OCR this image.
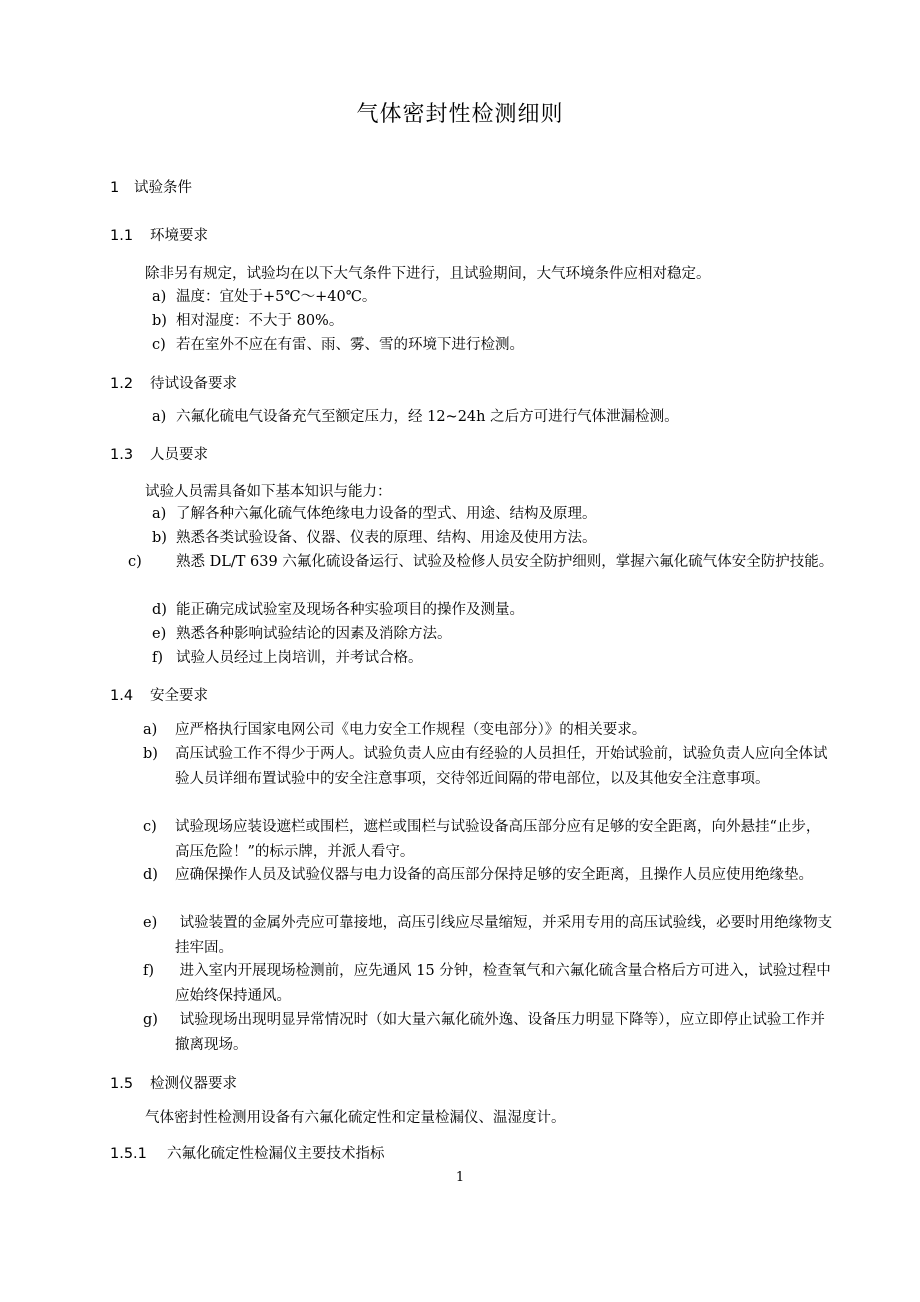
气体密封性检测细则
1 试验条件
1.1 环境要求
除非另有规定，试验均在以下大气条件下进行，且试验期间，大气环境条件应相对稳定。
a) 温度：宜处于+5℃～+40℃。
b) 相对湿度：不大于 80%。
c) 若在室外不应在有雷、雨、雾、雪的环境下进行检测。
1.2 待试设备要求
a) 六氟化硫电气设备充气至额定压力，经 12~24h 之后方可进行气体泄漏检测。
1.3 人员要求
试验人员需具备如下基本知识与能力：
a) 了解各种六氟化硫气体绝缘电力设备的型式、用途、结构及原理。
b) 熟悉各类试验设备、仪器、仪表的原理、结构、用途及使用方法。
c) 熟悉 DL/T 639 六氟化硫设备运行、试验及检修人员安全防护细则，掌握六氟化硫气体安全防护技能。
d) 能正确完成试验室及现场各种实验项目的操作及测量。
e) 熟悉各种影响试验结论的因素及消除方法。
f) 试验人员经过上岗培训，并考试合格。
1.4 安全要求
a) 应严格执行国家电网公司《电力安全工作规程（变电部分）》的相关要求。
b) 高压试验工作不得少于两人。试验负责人应由有经验的人员担任，开始试验前，试验负责人应向全体试验人员详细布置试验中的安全注意事项，交待邻近间隔的带电部位，以及其他安全注意事项。
c) 试验现场应装设遮栏或围栏，遮栏或围栏与试验设备高压部分应有足够的安全距离，向外悬挂“止步，高压危险！”的标示牌，并派人看守。
d) 应确保操作人员及试验仪器与电力设备的高压部分保持足够的安全距离，且操作人员应使用绝缘垫。
e) 试验装置的金属外壳应可靠接地，高压引线应尽量缩短，并采用专用的高压试验线，必要时用绝缘物支挂牢固。
f) 进入室内开展现场检测前，应先通风 15 分钟，检查氧气和六氟化硫含量合格后方可进入，试验过程中应始终保持通风。
g) 试验现场出现明显异常情况时（如大量六氟化硫外逸、设备压力明显下降等），应立即停止试验工作并撤离现场。
1.5 检测仪器要求
气体密封性检测用设备有六氟化硫定性和定量检漏仪、温湿度计。
1.5.1 六氟化硫定性检漏仪主要技术指标
1
